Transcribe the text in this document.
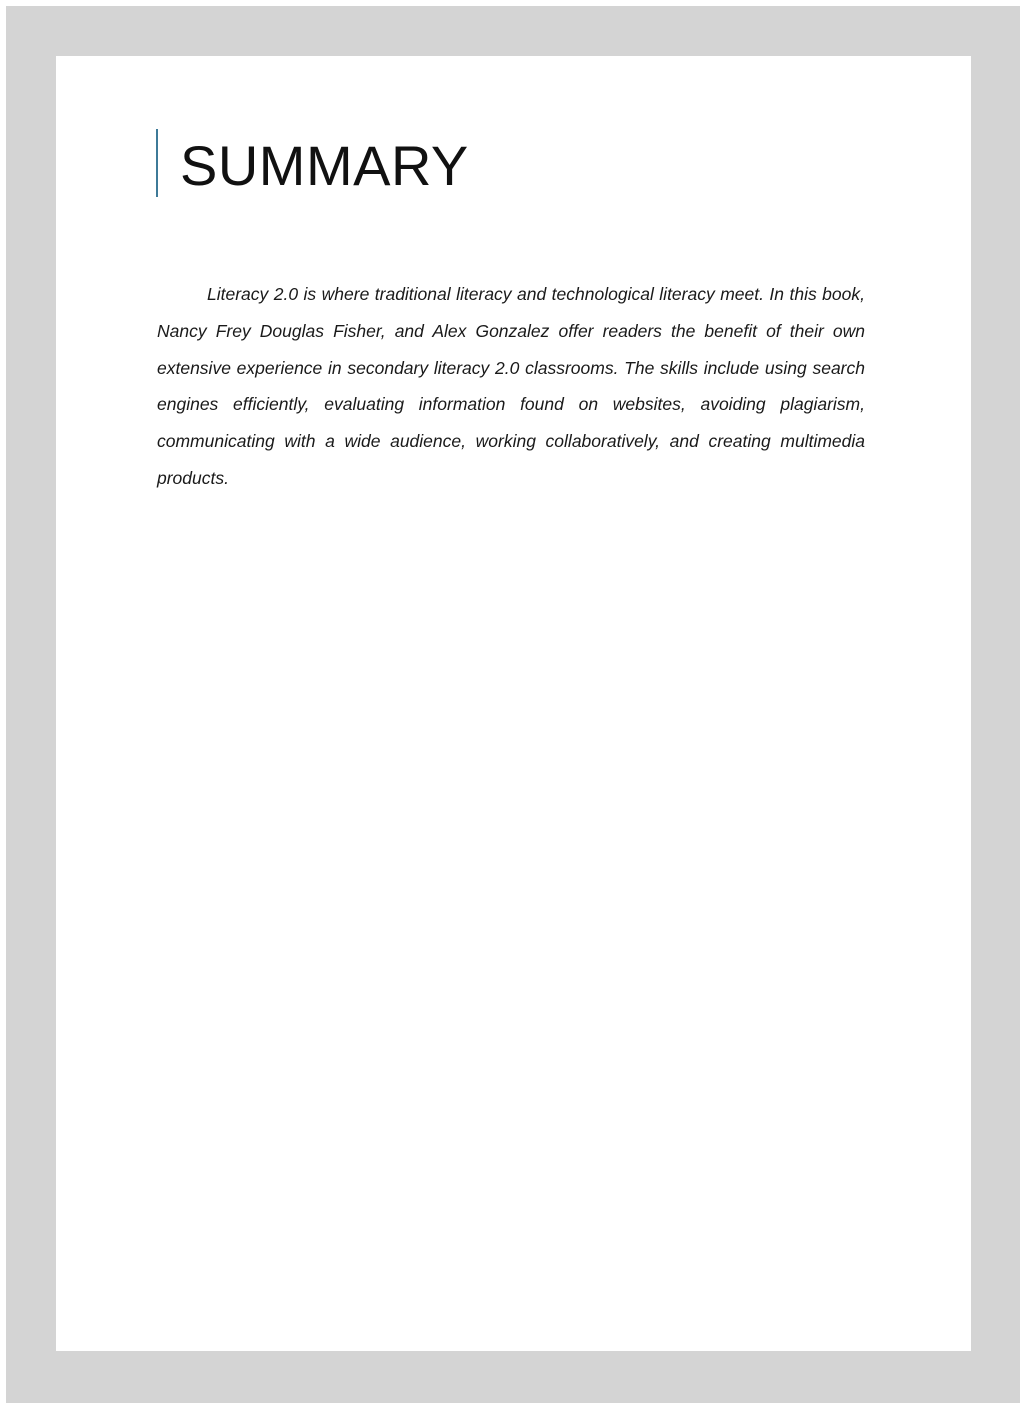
SUMMARY

Literacy 2.0 is where traditional literacy and technological literacy meet. In this book, Nancy Frey Douglas Fisher, and Alex Gonzalez offer readers the benefit of their own extensive experience in secondary literacy 2.0 classrooms. The skills include using search engines efficiently, evaluating information found on websites, avoiding plagiarism, communicating with a wide audience, working collaboratively, and creating multimedia products.
